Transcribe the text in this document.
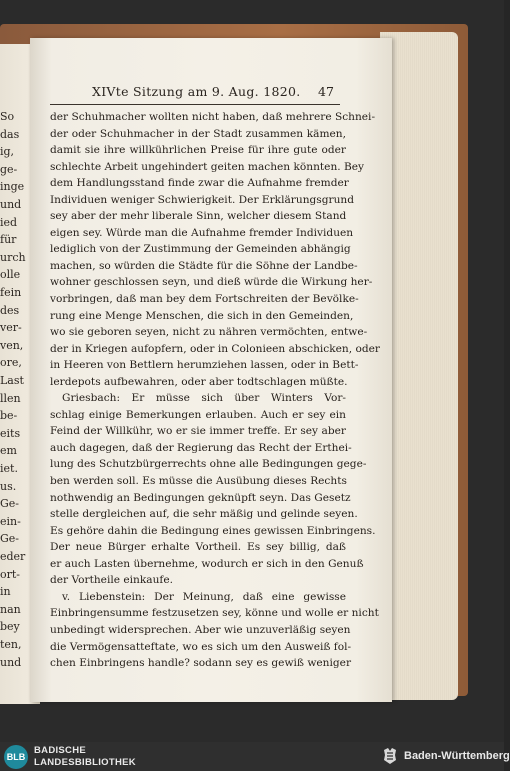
So
das
ig,
ge-
inge
und
ied
für
urch
olle
fein
des
ver-
ven,
ore,
Last
llen
be-
eits
em
iet.
us.
Ge-
ein-
Ge-
eder
ort-
in
nan
bey
ten,
und
XIVte Sitzung am 9. Aug. 1820. 47
der Schuhmacher wollten nicht haben, daß mehrere Schnei-
der oder Schuhmacher in der Stadt zusammen kämen,
damit sie ihre willkührlichen Preise für ihre gute oder
schlechte Arbeit ungehindert geiten machen könnten. Bey
dem Handlungsstand finde zwar die Aufnahme fremder
Individuen weniger Schwierigkeit. Der Erklärungsgrund
sey aber der mehr liberale Sinn, welcher diesem Stand
eigen sey. Würde man die Aufnahme fremder Individuen
lediglich von der Zustimmung der Gemeinden abhängig
machen, so würden die Städte für die Söhne der Landbe-
wohner geschlossen seyn, und dieß würde die Wirkung her-
vorbringen, daß man bey dem Fortschreiten der Bevölke-
rung eine Menge Menschen, die sich in den Gemeinden,
wo sie geboren seyen, nicht zu nähren vermöchten, entwe-
der in Kriegen aufopfern, oder in Colonieen abschicken, oder
in Heeren von Bettlern herumziehen lassen, oder in Bett-
lerdepots aufbewahren, oder aber todtschlagen müßte.
Griesbach: Er müsse sich über Winters Vor-
schlag einige Bemerkungen erlauben. Auch er sey ein
Feind der Willkühr, wo er sie immer treffe. Er sey aber
auch dagegen, daß der Regierung das Recht der Erthei-
lung des Schutzbürgerrechts ohne alle Bedingungen gege-
ben werden soll. Es müsse die Ausübung dieses Rechts
nothwendig an Bedingungen geknüpft seyn. Das Gesetz
stelle dergleichen auf, die sehr mäßig und gelinde seyen.
Es gehöre dahin die Bedingung eines gewissen Einbringens.
Der neue Bürger erhalte Vortheil. Es sey billig, daß
er auch Lasten übernehme, wodurch er sich in den Genuß
der Vortheile einkaufe.
v. Liebenstein: Der Meinung, daß eine gewisse
Einbringensumme festzusetzen sey, könne und wolle er nicht
unbedingt widersprechen. Aber wie unzuverläßig seyen
die Vermögensatteftate, wo es sich um den Ausweiß fol-
chen Einbringens handle? sodann sey es gewiß weniger
BLB
BADISCHE
LANDESBIBLIOTHEK
Baden-Württemberg
